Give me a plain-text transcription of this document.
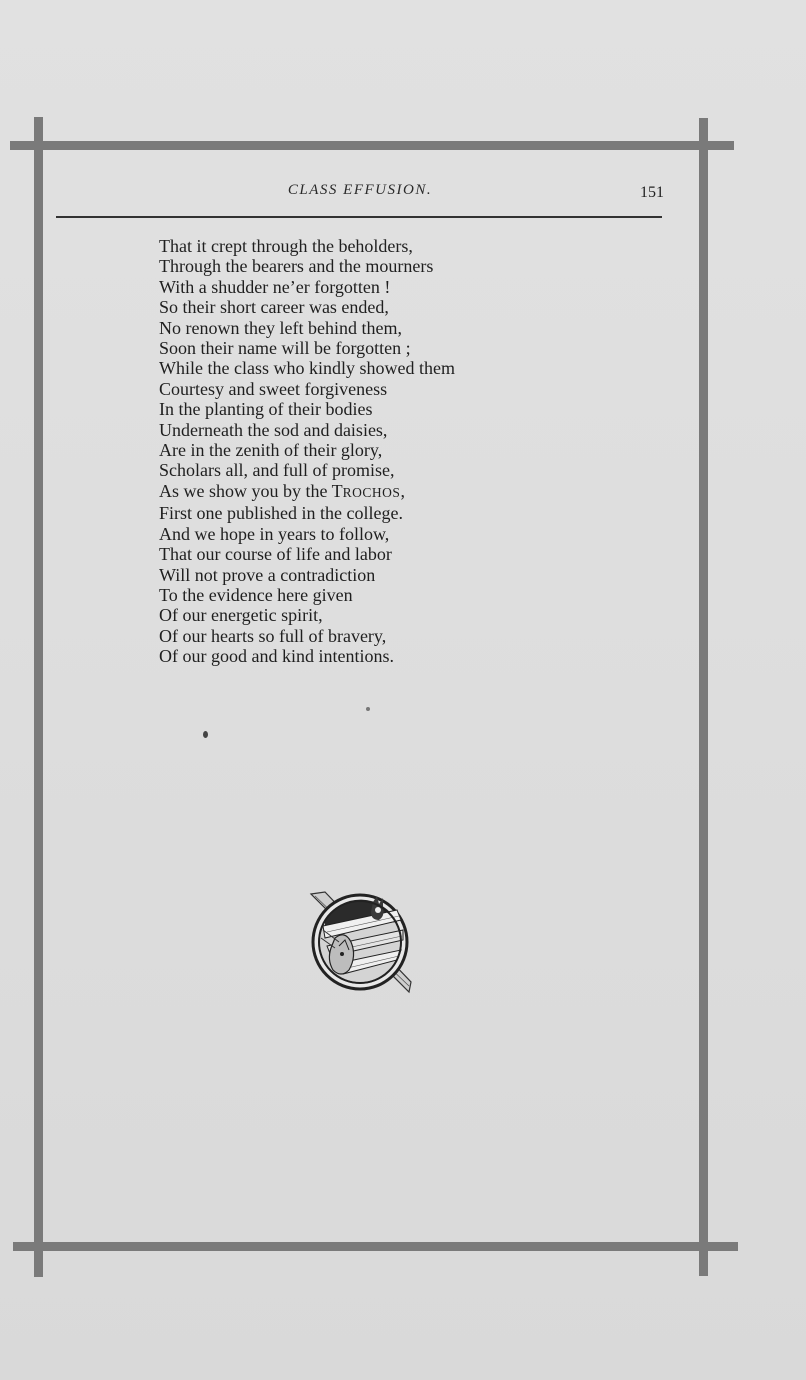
CLASS EFFUSION.	151
That it crept through the beholders,
Through the bearers and the mourners
With a shudder ne’er forgotten !
So their short career was ended,
No renown they left behind them,
Soon their name will be forgotten ;
While the class who kindly showed them
Courtesy and sweet forgiveness
In the planting of their bodies
Underneath the sod and daisies,
Are in the zenith of their glory,
Scholars all, and full of promise,
As we show you by the TROCHOS,
First one published in the college.
And we hope in years to follow,
That our course of life and labor
Will not prove a contradiction
To the evidence here given
Of our energetic spirit,
Of our hearts so full of bravery,
Of our good and kind intentions.
